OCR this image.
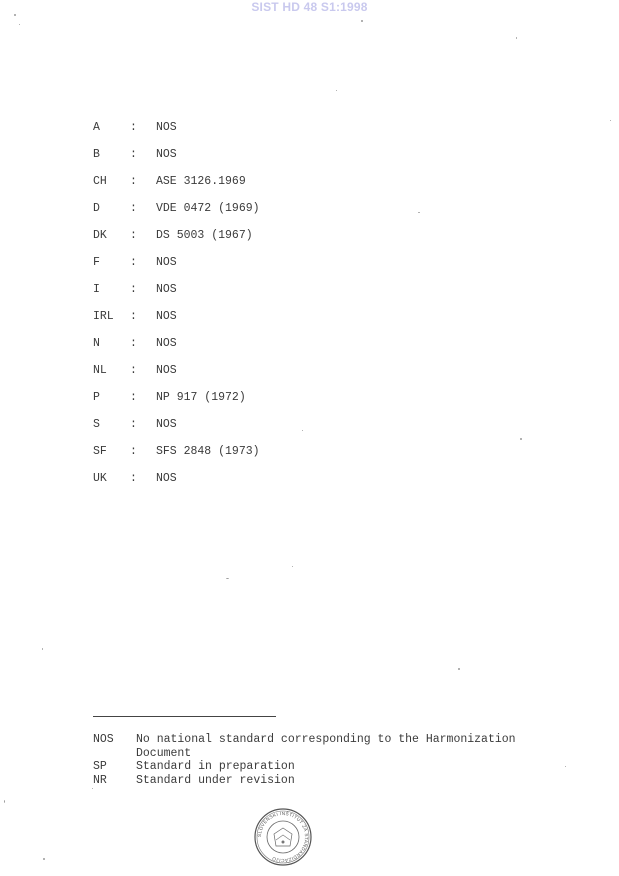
SIST HD 48 S1:1998
A	: NOS
B	: NOS
CH : ASE 3126.1969
D	: VDE 0472 (1969)
DK : DS 5003 (1967)
F	: NOS
I	: NOS
IRL : NOS
N	: NOS
NL : NOS
P	: NP 917 (1972)
S	: NOS
SF : SFS 2848 (1973)
UK : NOS
NOS No national standard corresponding to the Harmonization Document
SP	Standard in preparation
NR	Standard under revision
SLOVENSKI INŠTITUT ZA STANDARDIZACIJO
